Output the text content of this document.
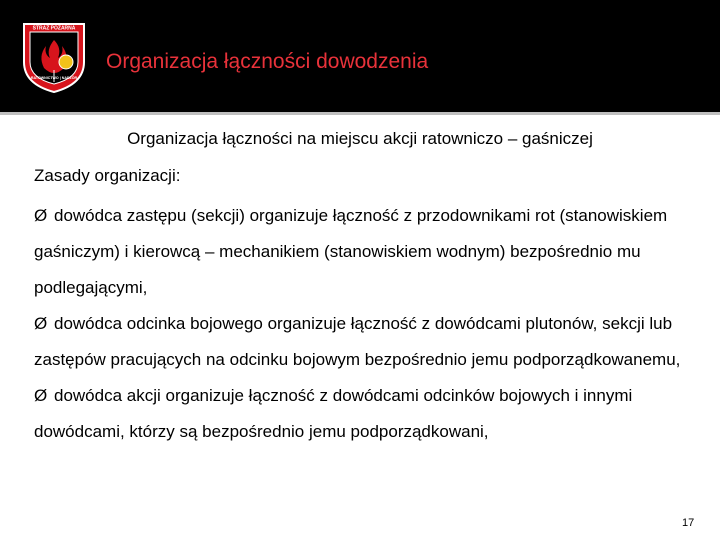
STRAŻ POŻARNA
RATOWNICTWO | NADZÓR
Organizacja łączności dowodzenia
Organizacja łączności na miejscu akcji ratowniczo – gaśniczej
Zasady organizacji:
Ø dowódca zastępu (sekcji) organizuje łączność z przodownikami rot (stanowiskiem gaśniczym) i kierowcą – mechanikiem (stanowiskiem wodnym) bezpośrednio mu podlegającymi,
Ø dowódca odcinka bojowego organizuje łączność z dowódcami plutonów, sekcji lub zastępów pracujących na odcinku bojowym bezpośrednio jemu podporządkowanemu,
Ø dowódca akcji organizuje łączność z dowódcami odcinków bojowych i innymi dowódcami, którzy są bezpośrednio jemu podporządkowani,
17
